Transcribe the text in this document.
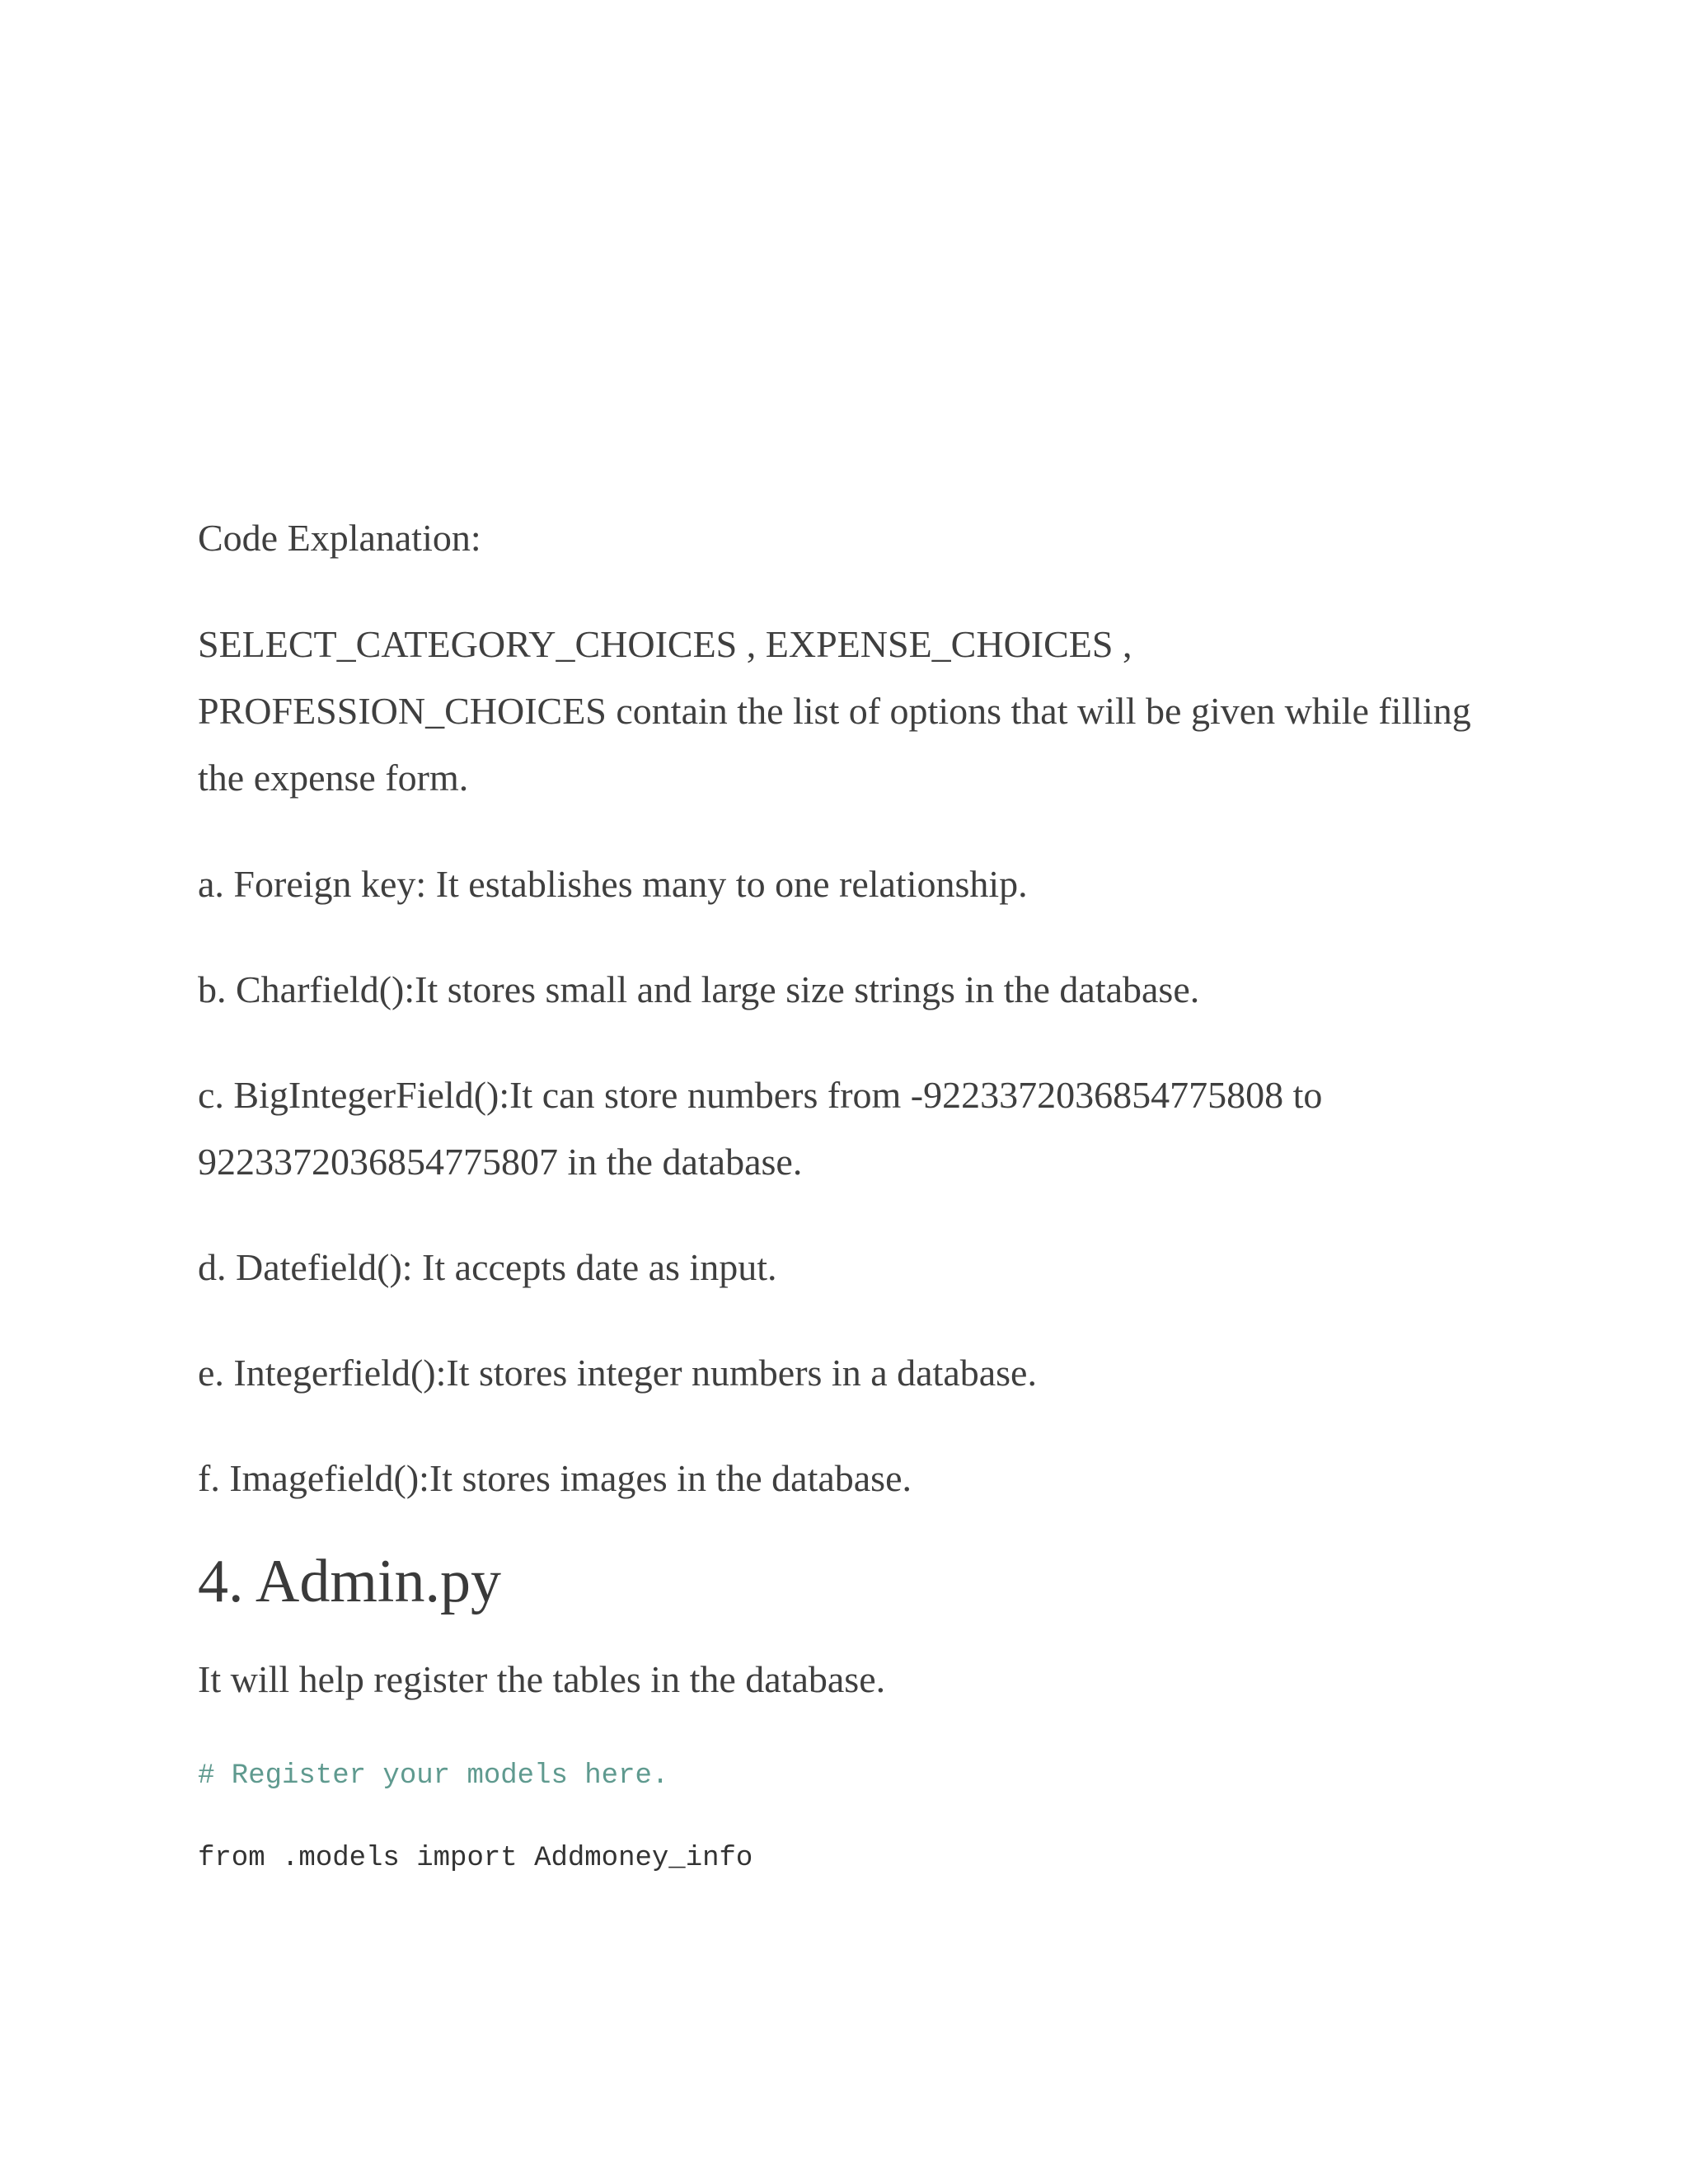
Code Explanation:

SELECT_CATEGORY_CHOICES , EXPENSE_CHOICES , PROFESSION_CHOICES contain the list of options that will be given while filling the expense form.

a. Foreign key: It establishes many to one relationship.

b. Charfield():It stores small and large size strings in the database.

c. BigIntegerField():It can store numbers from -9223372036854775808 to 9223372036854775807 in the database.

d. Datefield(): It accepts date as input.

e. Integerfield():It stores integer numbers in a database.

f. Imagefield():It stores images in the database.

4. Admin.py

It will help register the tables in the database.

# Register your models here.

from .models import Addmoney_info
